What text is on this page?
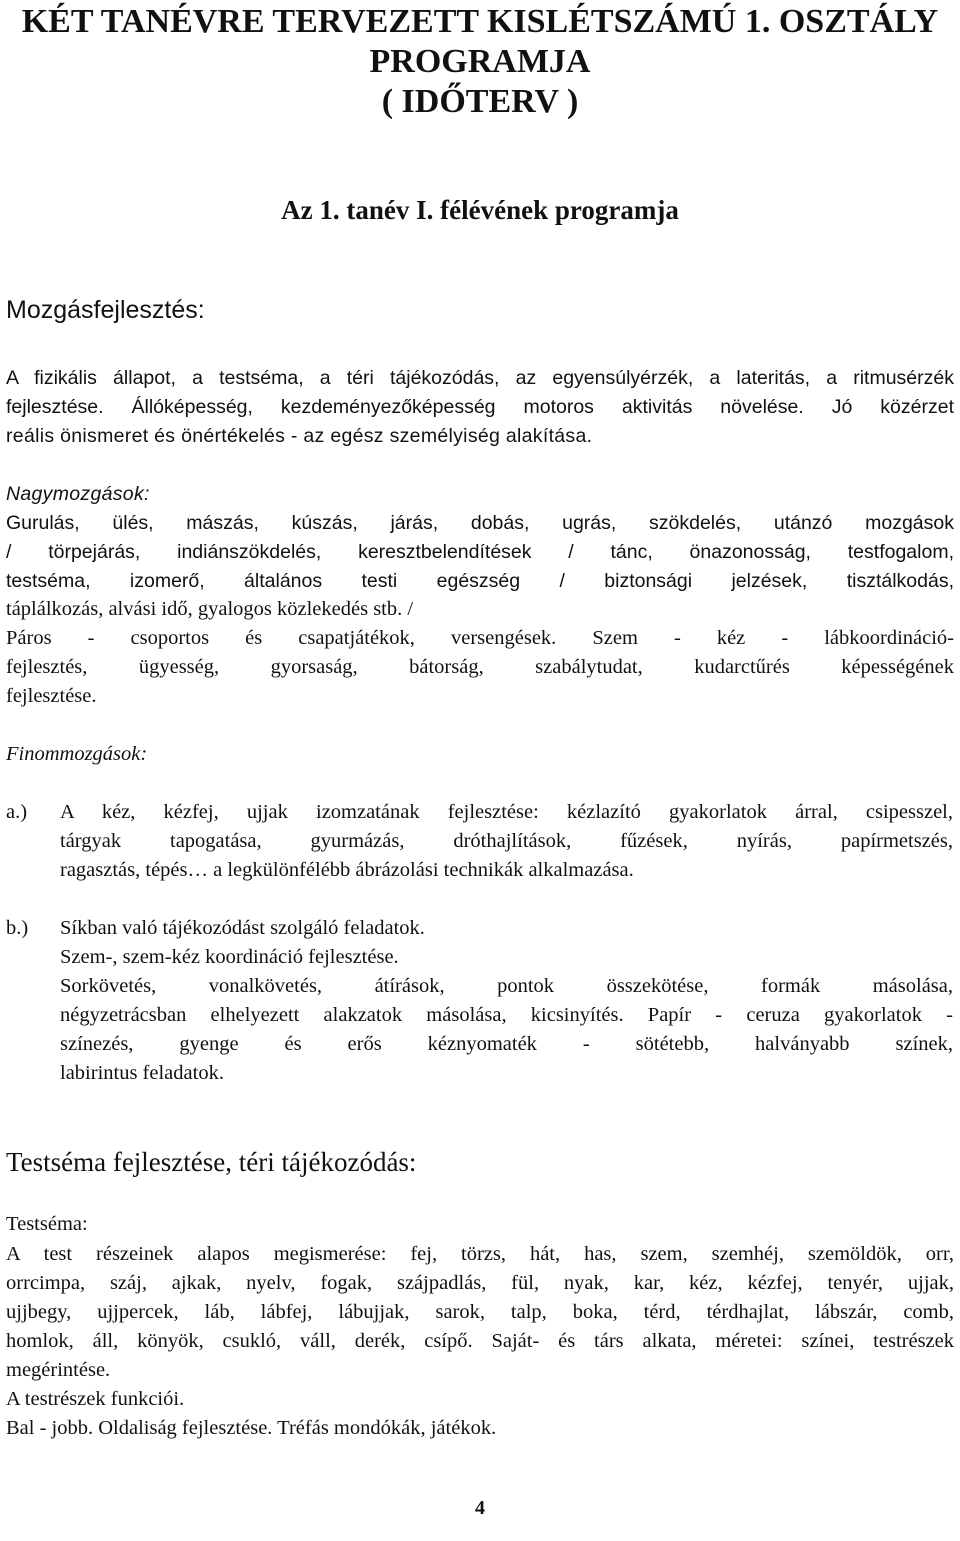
KÉT TANÉVRE TERVEZETT KISLÉTSZÁMÚ 1. OSZTÁLY
PROGRAMJA
( IDŐTERV )
Az 1. tanév I. félévének programja
Mozgásfejlesztés:
A fizikális állapot, a testséma, a téri tájékozódás, az egyensúlyérzék, a lateritás, a ritmusérzék
fejlesztése. Állóképesség, kezdeményezőképesség motoros aktivitás növelése. Jó közérzet
reális önismeret és önértékelés - az egész személyiség alakítása.
Nagymozgások:
Gurulás, ülés, mászás, kúszás, járás, dobás, ugrás, szökdelés, utánzó mozgások
/ törpejárás, indiánszökdelés, keresztbelendítések / tánc, önazonosság, testfogalom,
testséma, izomerő, általános testi egészség / biztonsági jelzések, tisztálkodás,
táplálkozás, alvási idő, gyalogos közlekedés stb. /
Páros - csoportos és csapatjátékok, versengések. Szem - kéz - lábkoordináció-
fejlesztés, ügyesség, gyorsaság, bátorság, szabálytudat, kudarctűrés képességének
fejlesztése.
Finommozgások:
a.) A kéz, kézfej, ujjak izomzatának fejlesztése: kézlazító gyakorlatok árral, csipesszel,
tárgyak tapogatása, gyurmázás, dróthajlítások, fűzések, nyírás, papírmetszés,
ragasztás, tépés… a legkülönfélébb ábrázolási technikák alkalmazása.
b.) Síkban való tájékozódást szolgáló feladatok.
Szem-, szem-kéz koordináció fejlesztése.
Sorkövetés, vonalkövetés, átírások, pontok összekötése, formák másolása,
négyzetrácsban elhelyezett alakzatok másolása, kicsinyítés. Papír - ceruza gyakorlatok -
színezés, gyenge és erős kéznyomaték - sötétebb, halványabb színek,
labirintus feladatok.
Testséma fejlesztése, téri tájékozódás:
Testséma:
A test részeinek alapos megismerése: fej, törzs, hát, has, szem, szemhéj, szemöldök, orr,
orrcimpa, száj, ajkak, nyelv, fogak, szájpadlás, fül, nyak, kar, kéz, kézfej, tenyér, ujjak,
ujjbegy, ujjpercek, láb, lábfej, lábujjak, sarok, talp, boka, térd, térdhajlat, lábszár, comb,
homlok, áll, könyök, csukló, váll, derék, csípő. Saját- és társ alkata, méretei: színei, testrészek
megérintése.
A testrészek funkciói.
Bal - jobb. Oldaliság fejlesztése. Tréfás mondókák, játékok.
4
